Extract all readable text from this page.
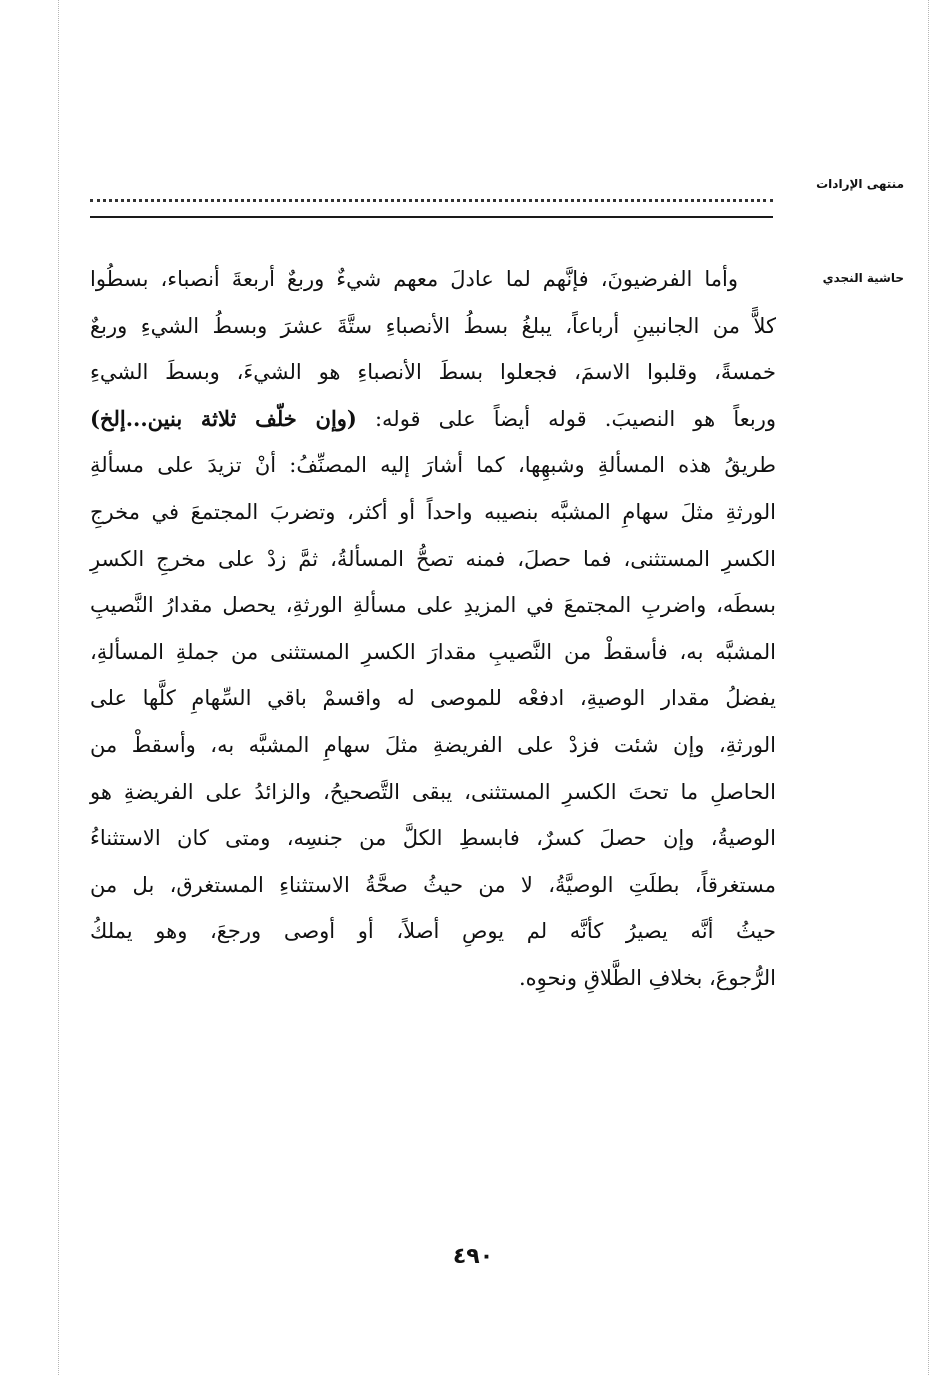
منتهى الإرادات
حاشية النجدي
وأما الفرضيونَ، فإنَّهم لما عادلَ معهم شيءٌ وربعٌ أربعةَ أنصباء، بسطُوا
كلاًّ من الجانبينِ أرباعاً، يبلغُ بسطُ الأنصباءِ ستَّةَ عشرَ وبسطُ الشيءِ وربعٌ
خمسةً، وقلبوا الاسمَ، فجعلوا بسطَ الأنصباءِ هو الشيءَ، وبسطَ الشيءِ
وربعاً هو النصيبَ. قوله أيضاً على قوله: (وإن خلّف ثلاثة بنين...إلخ)
طريقُ هذه المسألةِ وشبهِها، كما أشارَ إليه المصنِّفُ: أنْ تزيدَ على مسألةِ
الورثةِ مثلَ سهامِ المشبَّه بنصيبه واحداً أو أكثر، وتضربَ المجتمعَ في مخرجِ
الكسرِ المستثنى، فما حصلَ، فمنه تصحُّ المسألةُ، ثمَّ زدْ على مخرجِ الكسرِ
بسطَه، واضربِ المجتمعَ في المزيدِ على مسألةِ الورثةِ، يحصل مقدارُ النَّصيبِ
المشبَّه به، فأسقطْ من النَّصيبِ مقدارَ الكسرِ المستثنى من جملةِ المسألةِ،
يفضلُ مقدار الوصيةِ، ادفعْه للموصى له واقسمْ باقي السِّهامِ كلَّها على
الورثةِ، وإن شئت فزدْ على الفريضةِ مثلَ سهامِ المشبَّه به، وأسقطْ من
الحاصلِ ما تحتَ الكسرِ المستثنى، يبقى التَّصحيحُ، والزائدُ على الفريضةِ هو
الوصيةُ، وإن حصلَ كسرٌ، فابسطِ الكلَّ من جنسِه، ومتى كان الاستثناءُ
مستغرقاً، بطلَتِ الوصيَّةُ، لا من حيثُ صحَّةُ الاستثناءِ المستغرق، بل من
حيثُ أنَّه يصيرُ كأنَّه لم يوصِ أصلاً، أو أوصى ورجعَ، وهو يملكُ
الرُّجوعَ، بخلافِ الطَّلاقِ ونحوِه.
٤٩٠
